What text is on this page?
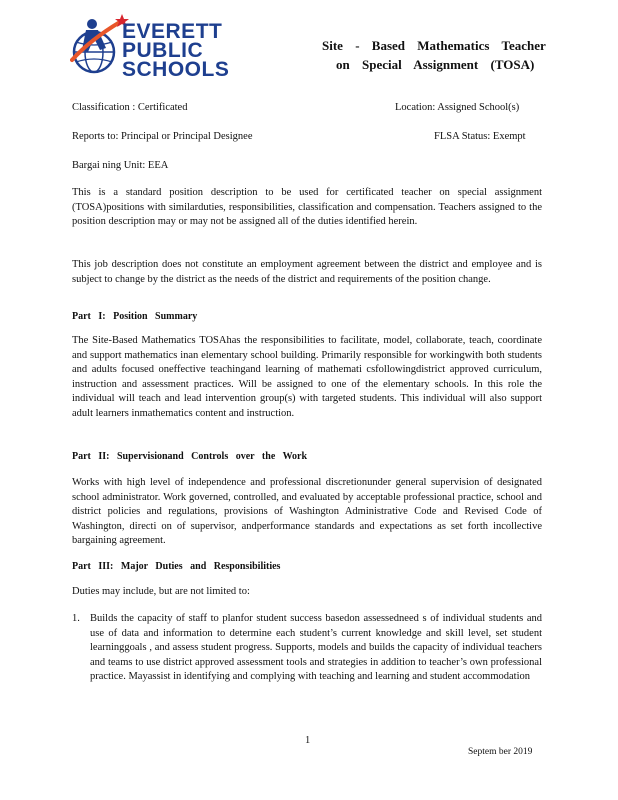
EVERETT
PUBLIC
SCHOOLS
Site - Based Mathematics Teacher
on Special Assignment (TOSA)
Classification : Certificated	Location: Assigned School(s)
Reports to: Principal or Principal Designee	FLSA Status: Exempt
Bargai ning Unit: EEA
This is a standard position description to be used for certificated teacher on special assignment (TOSA)positions with similarduties, responsibilities, classification and compensation. Teachers assigned to the position description may or may not be assigned all of the duties identified herein.
This job description does not constitute an employment agreement between the district and employee and is subject to change by the district as the needs of the district and requirements of the position change.
Part I: Position Summary
The Site-Based Mathematics TOSAhas the responsibilities to facilitate, model, collaborate, teach, coordinate and support mathematics inan elementary school building. Primarily responsible for workingwith both students and adults focused oneffective teachingand learning of mathemati csfollowingdistrict approved curriculum, instruction and assessment practices. Will be assigned to one of the elementary schools. In this role the individual will teach and lead intervention group(s) with targeted students. This individual will also support adult learners inmathematics content and instruction.
Part II: Supervisionand Controls over the Work
Works with high level of independence and professional discretionunder general supervision of designated school administrator. Work governed, controlled, and evaluated by acceptable professional practice, school and district policies and regulations, provisions of Washington Administrative Code and Revised Code of Washington, directi on of supervisor, andperformance standards and expectations as set forth incollective bargaining agreement.
Part III: Major Duties and Responsibilities
Duties may include, but are not limited to:
1. Builds the capacity of staff to planfor student success basedon assessedneed s of individual students and use of data and information to determine each student’s current knowledge and skill level, set student learninggoals , and assess student progress. Supports, models and builds the capacity of individual teachers and teams to use district approved assessment tools and strategies in addition to teacher’s own professional practice. Mayassist in identifying and complying with teaching and learning and student accommodation
1
Septem ber 2019
